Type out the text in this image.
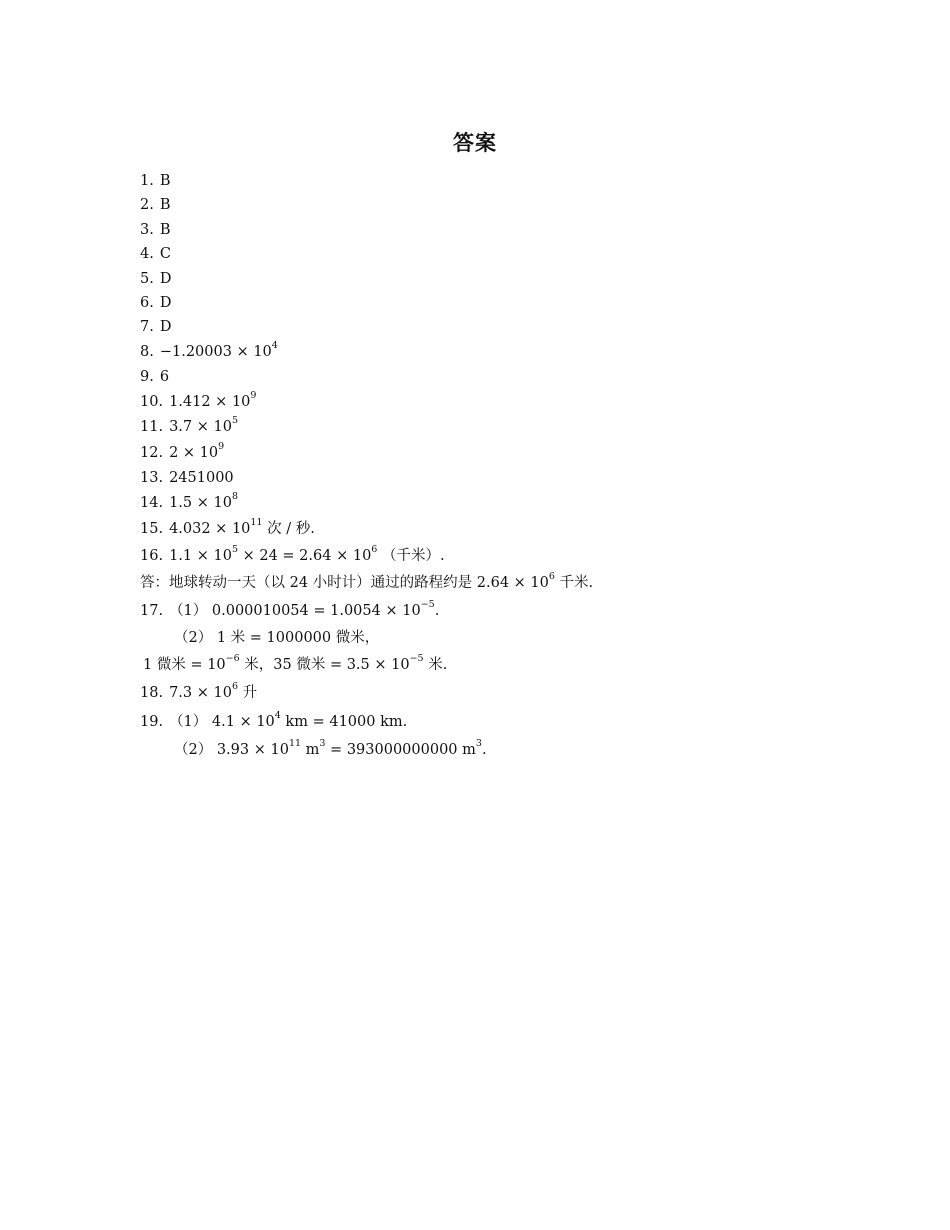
答案
1. B
2. B
3. B
4. C
5. D
6. D
7. D
8. $-1.20003 \times 10^4$
9. 6
10. $1.412 \times 10^9$
11. $3.7 \times 10^5$
12. $2 \times 10^9$
13. 2451000
14. $1.5 \times 10^8$
15. $4.032 \times 10^{11}$ 次 / 秒.
16. $1.1 \times 10^5 \times 24 = 2.64 \times 10^6$ （千米）.
答：地球转动一天（以 24 小时计）通过的路程约是 $2.64 \times 10^6$ 千米.
17. （1） $0.000010054 = 1.0054 \times 10^{-5}$.
（2） 1 米 = 1000000 微米，
1 微米 = $10^{-6}$ 米，35 微米 = $3.5 \times 10^{-5}$ 米.
18. $7.3 \times 10^6$ 升
19. （1） $4.1 \times 10^4$ km = 41000 km.
（2） $3.93 \times 10^{11}$ $m^3 = 393000000000$ $m^3$.
